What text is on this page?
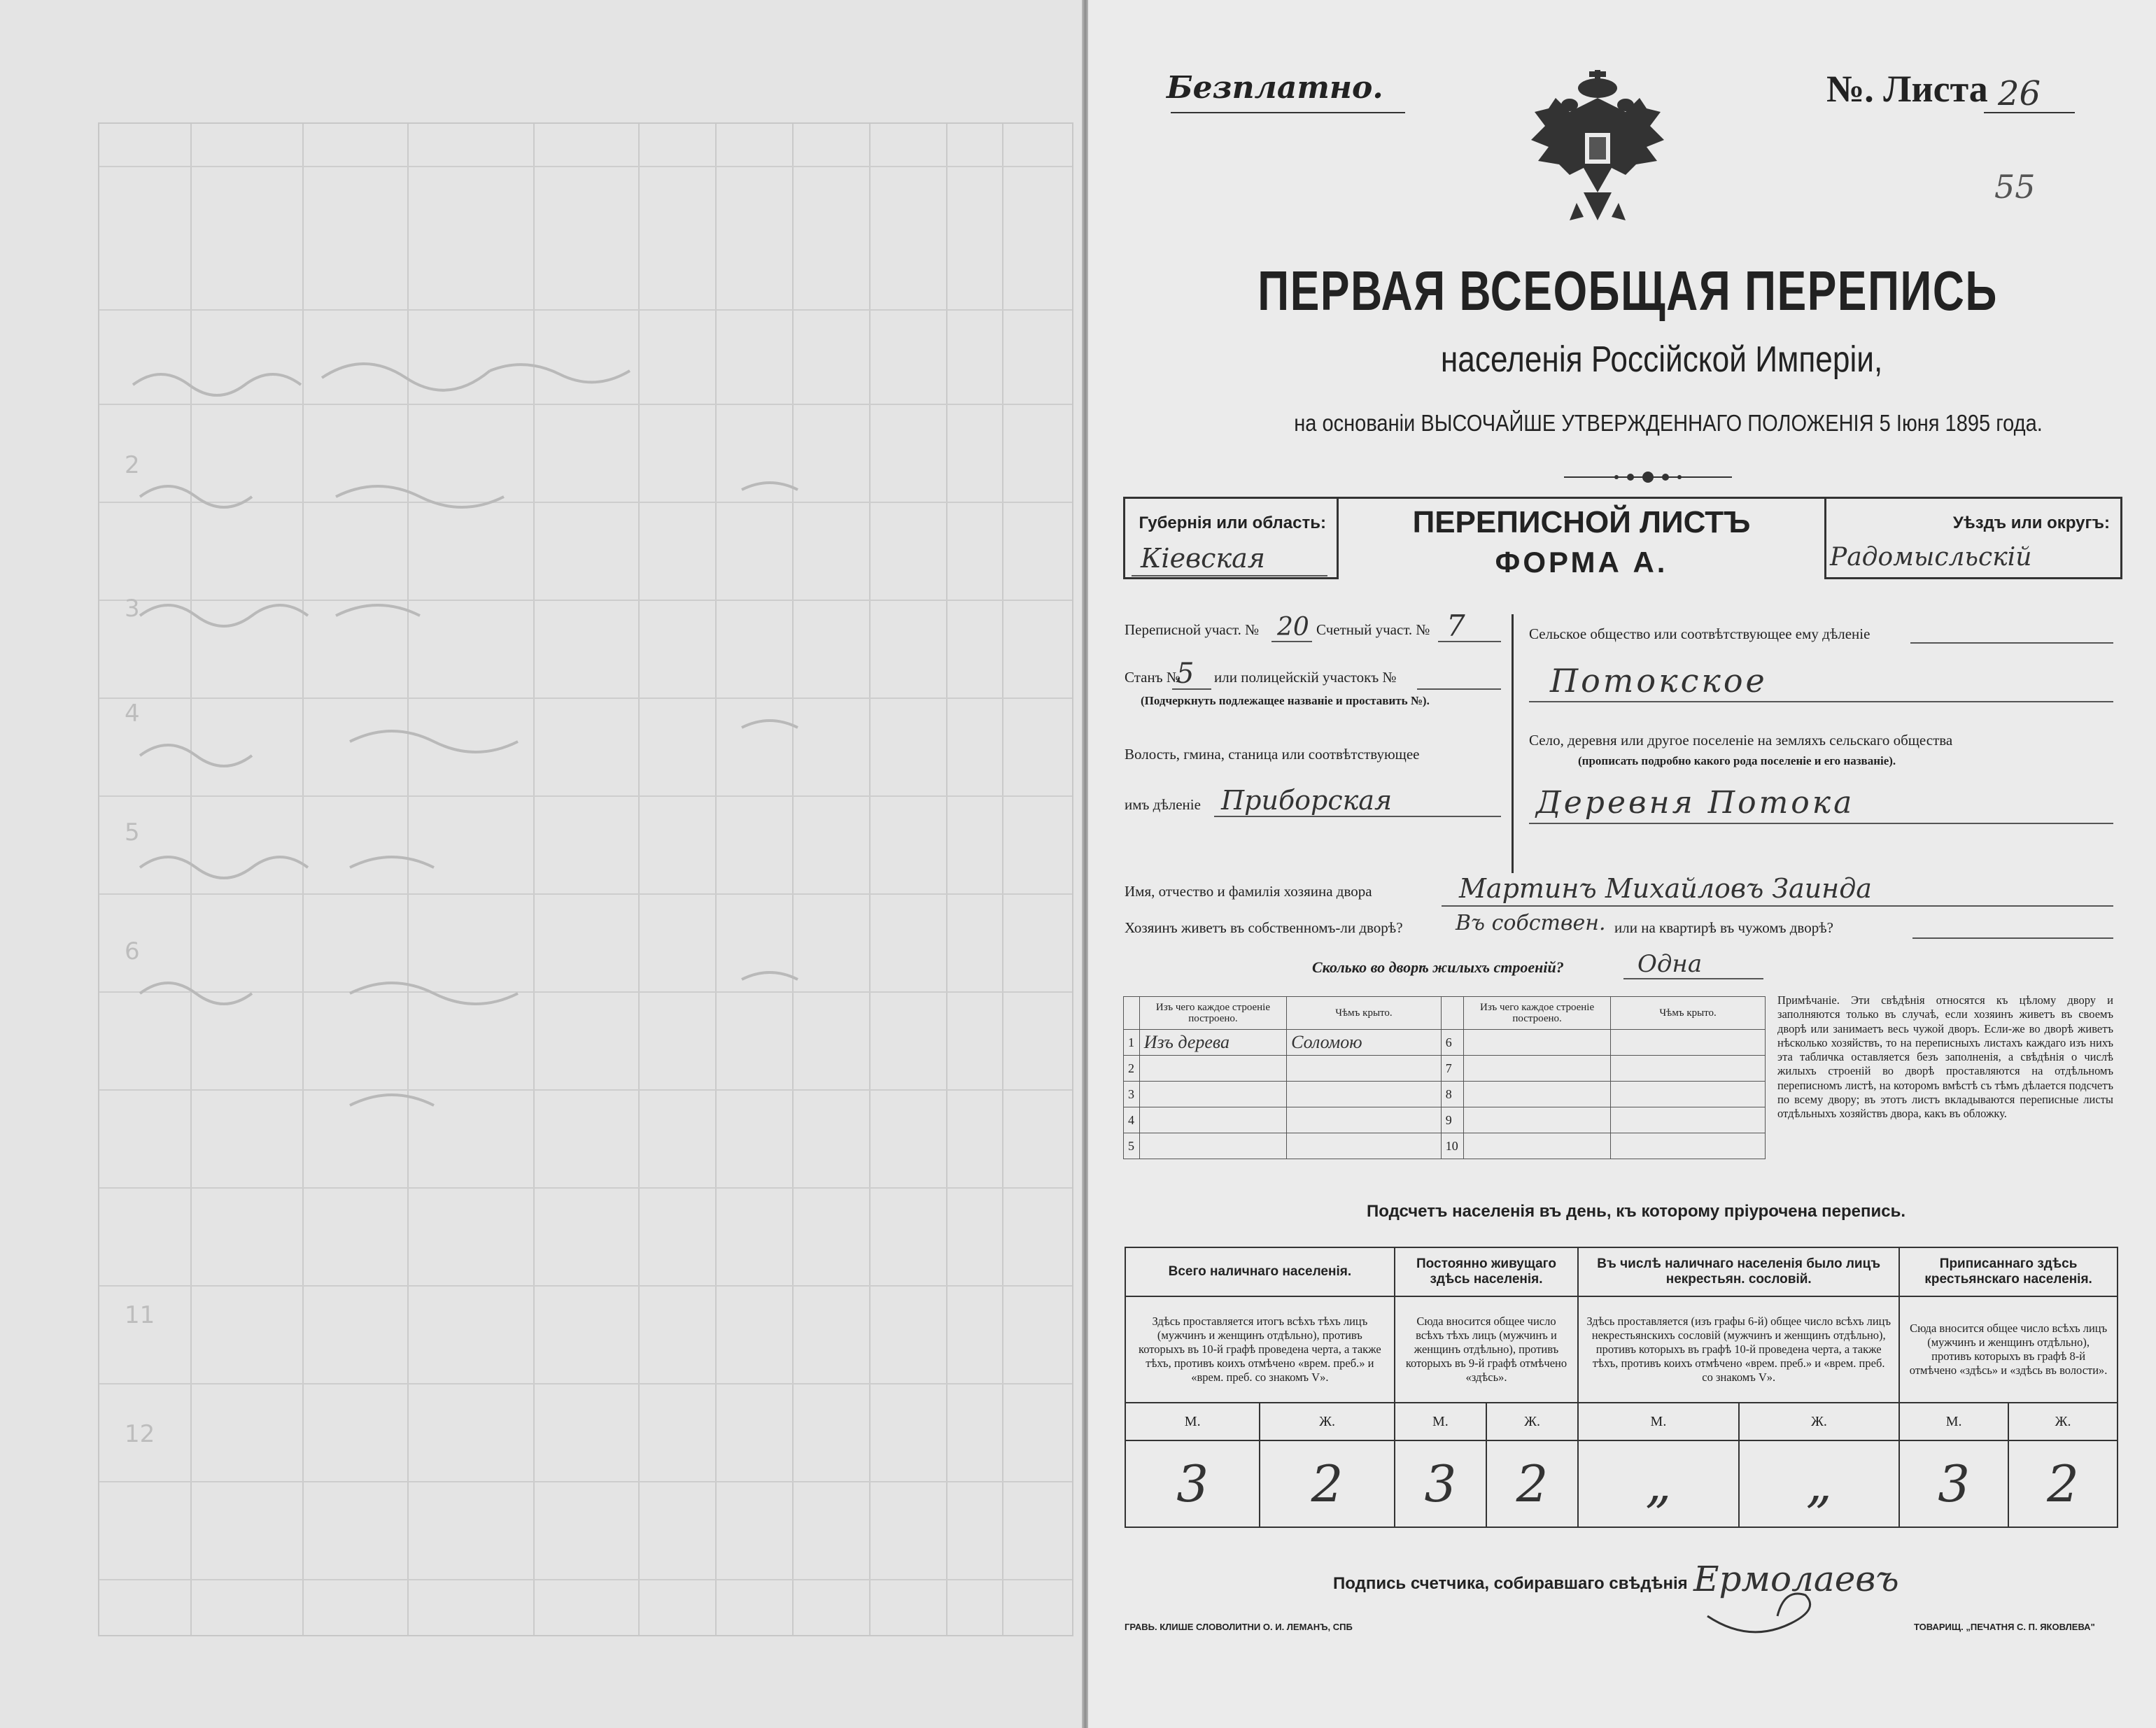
2
3
4
5
6
11
12
Безплатно.	№. Листа 26
55
ПЕРВАЯ ВСЕОБЩАЯ ПЕРЕПИСЬ
населенія Россійской Имперіи,
на основаніи ВЫСОЧАЙШЕ УТВЕРЖДЕННАГО ПОЛОЖЕНІЯ 5 Іюня 1895 года.
Губернія или область:
Кіевская
ПЕРЕПИСНОЙ ЛИСТЪ
ФОРМА А.
Уѣздъ или округъ:
Радомысльскій
Переписной участ. № 20 Счетный участ. № 7
Станъ №
5 или полицейскій участокъ №
(Подчеркнуть подлежащее названіе и проставить №).
Волость, гмина, станица или соотвѣтствующее
имъ дѣленіе Приборская
Сельское общество или соотвѣтствующее ему дѣленіе
Потокское
Село, деревня или другое поселеніе на земляхъ сельскаго общества
(прописать подробно какого рода поселеніе и его названіе).
Деревня Потока
Имя, отчество и фамилія хозяина двора	Мартинъ Михайловъ Заинда
Хозяинъ живетъ въ собственномъ-ли дворѣ?	Въ собствен. или на квартирѣ въ чужомъ дворѣ?
Сколько во дворѣ жилыхъ строеній?	Одна
	Изъ чего каждое строеніе построено.	Чѣмъ крыто.		Изъ чего каждое строеніе построено.	Чѣмъ крыто.
1	Изъ дерева	Соломою	6		
2			7		
3			8		
4			9		
5			10		
Примѣчаніе. Эти свѣдѣнія относятся къ цѣлому двору и заполняются только въ случаѣ, если хозяинъ живетъ въ своемъ дворѣ или занимаетъ весь чужой дворъ. Если-же во дворѣ живетъ нѣсколько хозяйствъ, то на переписныхъ листахъ каждаго изъ нихъ эта табличка оставляется безъ заполненія, а свѣдѣнія о числѣ жилыхъ строеній во дворѣ проставляются на отдѣльномъ переписномъ листѣ, на которомъ вмѣстѣ съ тѣмъ дѣлается подсчетъ по всему двору; въ этотъ листъ вкладываются переписные листы отдѣльныхъ хозяйствъ двора, какъ въ обложку.
Подсчетъ населенія въ день, къ которому пріурочена перепись.
Всего наличнаго населенія.		Постоянно живущаго здѣсь населенія.		Въ числѣ наличнаго населенія было лицъ некрестьян. сословій.		Приписаннаго здѣсь крестьянскаго населенія.	
Здѣсь проставляется итогъ всѣхъ тѣхъ лицъ (мужчинъ и женщинъ отдѣльно), противъ которыхъ въ 10-й графѣ проведена черта, а также тѣхъ, противъ коихъ отмѣчено «врем. преб.» и «врем. преб. со знакомъ V».		Сюда вносится общее число всѣхъ тѣхъ лицъ (мужчинъ и женщинъ отдѣльно), противъ которыхъ въ 9-й графѣ отмѣчено «здѣсь».		Здѣсь проставляется (изъ графы 6-й) общее число всѣхъ лицъ некрестьянскихъ сословій (мужчинъ и женщинъ отдѣльно), противъ которыхъ въ графѣ 10-й проведена черта, а также тѣхъ, противъ коихъ отмѣчено «врем. преб.» и «врем. преб. со знакомъ V».		Сюда вносится общее число всѣхъ лицъ (мужчинъ и женщинъ отдѣльно), противъ которыхъ въ графѣ 8-й отмѣчено «здѣсь» и «здѣсь въ волости».	
М.	Ж.	М.	Ж.	М.	Ж.	М.	Ж.
3	2	3	2	„	„	3	2
Подпись счетчика, собиравшаго свѣдѣнія Ермолаевъ
ГРАВЬ. КЛИШЕ СЛОВОЛИТНИ О. И. ЛЕМАНЪ, СПБ	ТОВАРИЩ. „ПЕЧАТНЯ С. П. ЯКОВЛЕВА"
